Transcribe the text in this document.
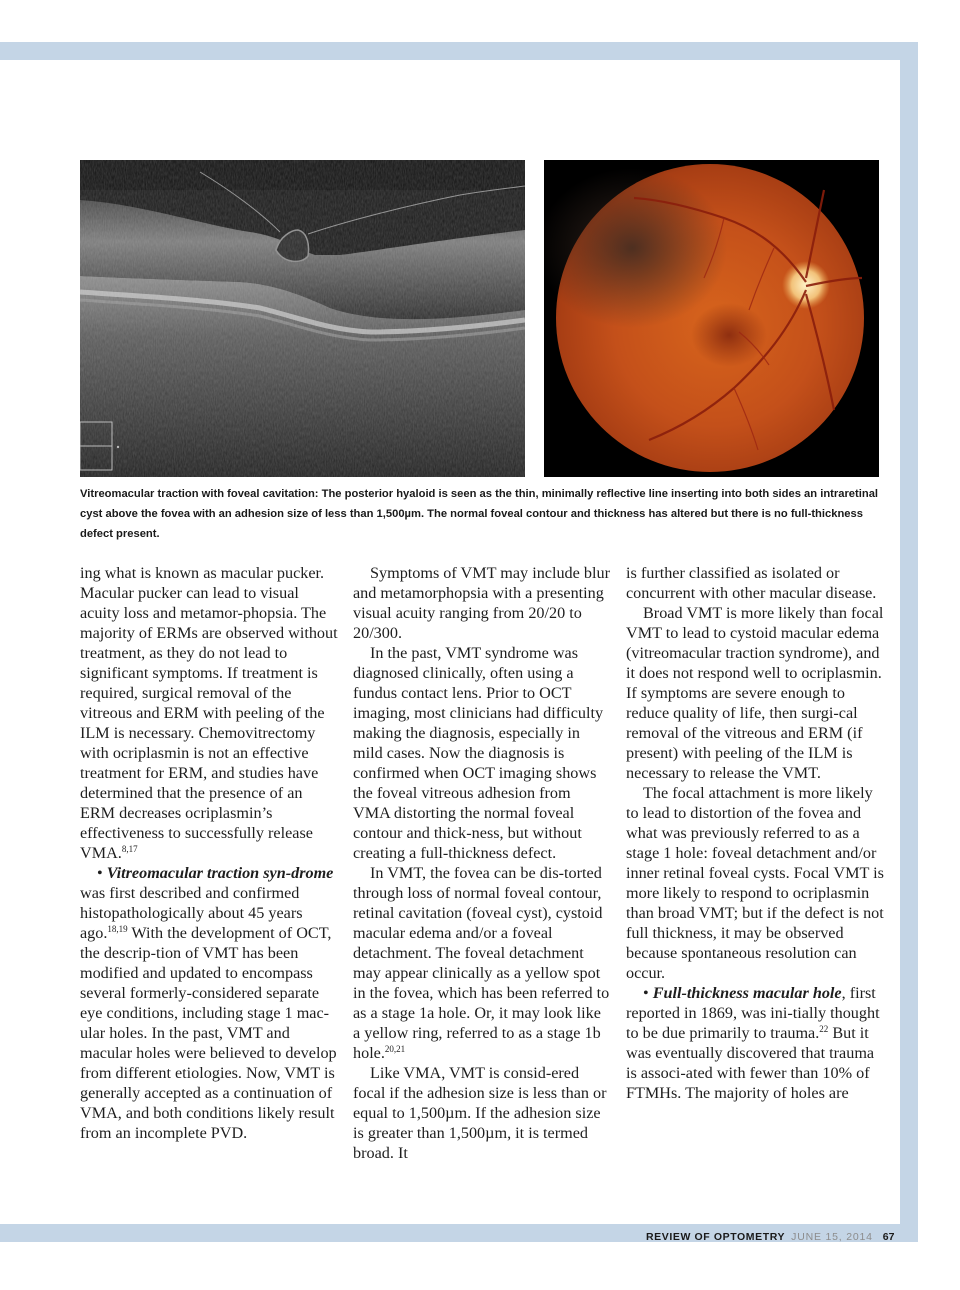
Vitreomacular traction with foveal cavitation: The posterior hyaloid is seen as the thin, minimally reflective line inserting into both sides an intraretinal cyst above the fovea with an adhesion size of less than 1,500µm. The normal foveal contour and thickness has altered but there is no full-thickness defect present.

ing what is known as macular pucker. Macular pucker can lead to visual acuity loss and metamor-phopsia. The majority of ERMs are observed without treatment, as they do not lead to significant symptoms. If treatment is required, surgical removal of the vitreous and ERM with peeling of the ILM is necessary. Chemovitrectomy with ocriplasmin is not an effective treatment for ERM, and studies have determined that the presence of an ERM decreases ocriplasmin’s effectiveness to successfully release VMA.$^{8,17}$

• Vitreomacular traction syn-drome was first described and confirmed histopathologically about 45 years ago.$^{18,19}$ With the development of OCT, the descrip-tion of VMT has been modified and updated to encompass several formerly-considered separate eye conditions, including stage 1 mac-ular holes. In the past, VMT and macular holes were believed to develop from different etiologies. Now, VMT is generally accepted as a continuation of VMA, and both conditions likely result from an incomplete PVD.

Symptoms of VMT may include blur and metamorphopsia with a presenting visual acuity ranging from 20/20 to 20/300.

In the past, VMT syndrome was diagnosed clinically, often using a fundus contact lens. Prior to OCT imaging, most clinicians had difficulty making the diagnosis, especially in mild cases. Now the diagnosis is confirmed when OCT imaging shows the foveal vitreous adhesion from VMA distorting the normal foveal contour and thick-ness, but without creating a full-thickness defect.

In VMT, the fovea can be dis-torted through loss of normal foveal contour, retinal cavitation (foveal cyst), cystoid macular edema and/or a foveal detachment. The foveal detachment may appear clinically as a yellow spot in the fovea, which has been referred to as a stage 1a hole. Or, it may look like a yellow ring, referred to as a stage 1b hole.$^{20,21}$

Like VMA, VMT is consid-ered focal if the adhesion size is less than or equal to 1,500µm. If the adhesion size is greater than 1,500µm, it is termed broad. It

is further classified as isolated or concurrent with other macular disease.

Broad VMT is more likely than focal VMT to lead to cystoid macular edema (vitreomacular traction syndrome), and it does not respond well to ocriplasmin. If symptoms are severe enough to reduce quality of life, then surgi-cal removal of the vitreous and ERM (if present) with peeling of the ILM is necessary to release the VMT.

The focal attachment is more likely to lead to distortion of the fovea and what was previously referred to as a stage 1 hole: foveal detachment and/or inner retinal foveal cysts. Focal VMT is more likely to respond to ocriplasmin than broad VMT; but if the defect is not full thickness, it may be observed because spontaneous resolution can occur.

• Full-thickness macular hole, first reported in 1869, was ini-tially thought to be due primarily to trauma.$^{22}$ But it was eventually discovered that trauma is associ-ated with fewer than 10% of FTMHs. The majority of holes are

REVIEW OF OPTOMETRY JUNE 15, 2014 67
